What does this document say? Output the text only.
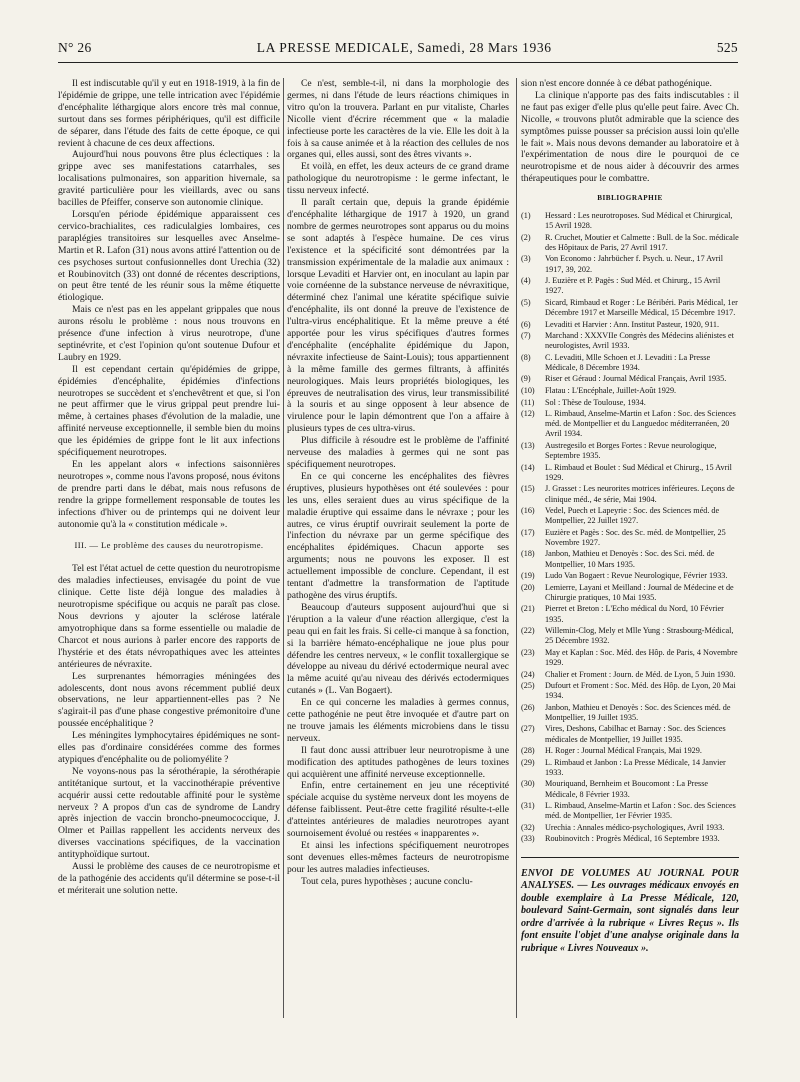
N° 26	LA PRESSE MEDICALE, Samedi, 28 Mars 1936	525

Il est indiscutable qu'il y eut en 1918-1919, à la fin de l'épidémie de grippe, une telle intrication avec l'épidémie d'encéphalite léthargique alors encore très mal connue, surtout dans ses formes périphériques, qu'il est difficile de séparer, dans l'étude des faits de cette époque, ce qui revient à chacune de ces deux affections.

Aujourd'hui nous pouvons être plus éclectiques : la grippe avec ses manifestations catarrhales, ses localisations pulmonaires, son apparition hivernale, sa gravité particulière pour les vieillards, avec ou sans bacilles de Pfeiffer, conserve son autonomie clinique.

Lorsqu'en période épidémique apparaissent ces cervico-brachialites, ces radiculalgies lombaires, ces paraplégies transitoires sur lesquelles avec Anselme-Martin et R. Lafon (31) nous avons attiré l'attention ou de ces psychoses surtout confusionnelles dont Urechia (32) et Roubinovitch (33) ont donné de récentes descriptions, on peut être tenté de les réunir sous la même étiquette étiologique.

Mais ce n'est pas en les appelant grippales que nous aurons résolu le problème : nous nous trouvons en présence d'une infection à virus neurotrope, d'une septinévrite, et c'est l'opinion qu'ont soutenue Dufour et Laubry en 1929.

Il est cependant certain qu'épidémies de grippe, épidémies d'encéphalite, épidémies d'infections neurotropes se succèdent et s'enchevêtrent et que, si l'on ne peut affirmer que le virus grippal peut prendre lui-même, à certaines phases d'évolution de la maladie, une affinité nerveuse exceptionnelle, il semble bien du moins que les épidémies de grippe font le lit aux infections spécifiquement neurotropes.

En les appelant alors « infections saisonnières neurotropes », comme nous l'avons proposé, nous évitons de prendre parti dans le débat, mais nous refusons de rendre la grippe formellement responsable de toutes les infections d'hiver ou de printemps qui ne doivent leur autonomie qu'à la « constitution médicale ».

III. — Le problème des causes du neurotropisme.

Tel est l'état actuel de cette question du neurotropisme des maladies infectieuses, envisagée du point de vue clinique. Cette liste déjà longue des maladies à neurotropisme spécifique ou acquis ne paraît pas close. Nous devrions y ajouter la sclérose latérale amyotrophique dans sa forme essentielle ou maladie de Charcot et nous aurions à parler encore des rapports de l'hystérie et des états névropathiques avec les atteintes antérieures de névraxite.

Les surprenantes hémorragies méningées des adolescents, dont nous avons récemment publié deux observations, ne leur appartiennent-elles pas ? Ne s'agirait-il pas d'une phase congestive prémonitoire d'une poussée encéphalitique ?

Les méningites lymphocytaires épidémiques ne sont-elles pas d'ordinaire considérées comme des formes atypiques d'encéphalite ou de poliomyélite ?

Ne voyons-nous pas la sérothérapie, la sérothérapie antitétanique surtout, et la vaccinothérapie préventive acquérir aussi cette redoutable affinité pour le système nerveux ? A propos d'un cas de syndrome de Landry après injection de vaccin broncho-pneumococcique, J. Olmer et Paillas rappellent les accidents nerveux des diverses vaccinations spécifiques, de la vaccination antityphoïdique surtout.

Aussi le problème des causes de ce neurotropisme et de la pathogénie des accidents qu'il détermine se pose-t-il et mériterait une solution nette.

Ce n'est, semble-t-il, ni dans la morphologie des germes, ni dans l'étude de leurs réactions chimiques in vitro qu'on la trouvera. Parlant en pur vitaliste, Charles Nicolle vient d'écrire récemment que « la maladie infectieuse porte les caractères de la vie. Elle les doit à la fois à sa cause animée et à la réaction des cellules de nos organes qui, elles aussi, sont des êtres vivants ».

Et voilà, en effet, les deux acteurs de ce grand drame pathologique du neurotropisme : le germe infectant, le tissu nerveux infecté.

Il paraît certain que, depuis la grande épidémie d'encéphalite léthargique de 1917 à 1920, un grand nombre de germes neurotropes sont apparus ou du moins se sont adaptés à l'espèce humaine. De ces virus l'existence et la spécificité sont démontrées par la transmission expérimentale de la maladie aux animaux : lorsque Levaditi et Harvier ont, en inoculant au lapin par voie cornéenne de la substance nerveuse de névraxitique, déterminé chez l'animal une kératite spécifique suivie d'encéphalite, ils ont donné la preuve de l'existence de l'ultra-virus encéphalitique. Et la même preuve a été apportée pour les virus spécifiques d'autres formes d'encéphalite (encéphalite épidémique du Japon, névraxite infectieuse de Saint-Louis); tous appartiennent à la même famille des germes filtrants, à affinités neurologiques. Mais leurs propriétés biologiques, les épreuves de neutralisation des virus, leur transmissibilité à la souris et au singe opposent à leur absence de virulence pour le lapin démontrent que l'on a affaire à plusieurs types de ces ultra-virus.

Plus difficile à résoudre est le problème de l'affinité nerveuse des maladies à germes qui ne sont pas spécifiquement neurotropes.

En ce qui concerne les encéphalites des fièvres éruptives, plusieurs hypothèses ont été soulevées : pour les uns, elles seraient dues au virus spécifique de la maladie éruptive qui essaime dans le névraxe ; pour les autres, ce virus éruptif ouvrirait seulement la porte de l'infection du névraxe par un germe spécifique des encéphalites épidémiques. Chacun apporte ses arguments; nous ne pouvons les exposer. Il est actuellement impossible de conclure. Cependant, il est tentant d'admettre la transformation de l'aptitude pathogène des virus éruptifs.

Beaucoup d'auteurs supposent aujourd'hui que si l'éruption a la valeur d'une réaction allergique, c'est la peau qui en fait les frais. Si celle-ci manque à sa fonction, si la barrière hémato-encéphalique ne joue plus pour défendre les centres nerveux, « le conflit toxallergique se développe au niveau du dérivé ectodermique neural avec la même acuité qu'au niveau des dérivés ectodermiques cutanés » (L. Van Bogaert).

En ce qui concerne les maladies à germes connus, cette pathogénie ne peut être invoquée et d'autre part on ne trouve jamais les éléments microbiens dans le tissu nerveux.

Il faut donc aussi attribuer leur neurotropisme à une modification des aptitudes pathogènes de leurs toxines qui acquièrent une affinité nerveuse exceptionnelle.

Enfin, entre certainement en jeu une réceptivité spéciale acquise du système nerveux dont les moyens de défense faiblissent. Peut-être cette fragilité résulte-t-elle d'atteintes antérieures de maladies neurotropes ayant sournoisement évolué ou restées « inapparentes ».

Et ainsi les infections spécifiquement neurotropes sont devenues elles-mêmes facteurs de neurotropisme pour les autres maladies infectieuses.

Tout cela, pures hypothèses ; aucune conclu-

sion n'est encore donnée à ce débat pathogénique.

La clinique n'apporte pas des faits indiscutables : il ne faut pas exiger d'elle plus qu'elle peut faire. Avec Ch. Nicolle, « trouvons plutôt admirable que la science des symptômes puisse pousser sa précision aussi loin qu'elle le fait ». Mais nous devons demander au laboratoire et à l'expérimentation de nous dire le pourquoi de ce neurotropisme et de nous aider à découvrir des armes thérapeutiques pour le combattre.

BIBLIOGRAPHIE
(1)	Hessard : Les neurotroposes. Sud Médical et Chirurgical, 15 Avril 1928.
(2)	R. Cruchet, Moutier et Calmette : Bull. de la Soc. médicale des Hôpitaux de Paris, 27 Avril 1917.
(3)	Von Economo : Jahrbücher f. Psych. u. Neur., 17 Avril 1917, 39, 202.
(4)	J. Euzière et P. Pagès : Sud Méd. et Chirurg., 15 Avril 1927.
(5)	Sicard, Rimbaud et Roger : Le Béribéri. Paris Médical, 1er Décembre 1917 et Marseille Médical, 15 Décembre 1917.
(6)	Levaditi et Harvier : Ann. Institut Pasteur, 1920, 911.
(7)	Marchand : XXXVIIe Congrès des Médecins aliénistes et neurologistes, Avril 1933.
(8)	C. Levaditi, Mlle Schoen et J. Levaditi : La Presse Médicale, 8 Décembre 1934.
(9)	Riser et Géraud : Journal Médical Français, Avril 1935.
(10)	Flatau : L'Encéphale, Juillet-Août 1929.
(11)	Sol : Thèse de Toulouse, 1934.
(12)	L. Rimbaud, Anselme-Martin et Lafon : Soc. des Sciences méd. de Montpellier et du Languedoc méditerranéen, 20 Avril 1934.
(13)	Austregesilo et Borges Fortes : Revue neurologique, Septembre 1935.
(14)	L. Rimbaud et Boulet : Sud Médical et Chirurg., 15 Avril 1929.
(15)	J. Grasset : Les neurorites motrices inférieures. Leçons de clinique méd., 4e série, Mai 1904.
(16)	Vedel, Puech et Lapeyrie : Soc. des Sciences méd. de Montpellier, 22 Juillet 1927.
(17)	Euzière et Pagès : Soc. des Sc. méd. de Montpellier, 25 Novembre 1927.
(18)	Janbon, Mathieu et Denoyès : Soc. des Sci. méd. de Montpellier, 10 Mars 1935.
(19)	Ludo Van Bogaert : Revue Neurologique, Février 1933.
(20)	Lemierre, Layani et Meilland : Journal de Médecine et de Chirurgie pratiques, 10 Mai 1935.
(21)	Pierret et Breton : L'Echo médical du Nord, 10 Février 1935.
(22)	Willemin-Clog, Mely et Mlle Yung : Strasbourg-Médical, 25 Décembre 1932.
(23)	May et Kaplan : Soc. Méd. des Hôp. de Paris, 4 Novembre 1929.
(24)	Chalier et Froment : Journ. de Méd. de Lyon, 5 Juin 1930.
(25)	Dufourt et Froment : Soc. Méd. des Hôp. de Lyon, 20 Mai 1934.
(26)	Janbon, Mathieu et Denoyès : Soc. des Sciences méd. de Montpellier, 19 Juillet 1935.
(27)	Vires, Deshons, Cabilhac et Barnay : Soc. des Sciences médicales de Montpellier, 19 Juillet 1935.
(28)	H. Roger : Journal Médical Français, Mai 1929.
(29)	L. Rimbaud et Janbon : La Presse Médicale, 14 Janvier 1933.
(30)	Mouriquand, Bernheim et Boucomont : La Presse Médicale, 8 Février 1933.
(31)	L. Rimbaud, Anselme-Martin et Lafon : Soc. des Sciences méd. de Montpellier, 1er Février 1935.
(32)	Urechia : Annales médico-psychologiques, Avril 1933.
(33)	Roubinovitch : Progrès Médical, 16 Septembre 1933.
ENVOI DE VOLUMES AU JOURNAL POUR ANALYSES. — Les ouvrages médicaux envoyés en double exemplaire à La Presse Médicale, 120, boulevard Saint-Germain, sont signalés dans leur ordre d'arrivée à la rubrique « Livres Reçus ». Ils font ensuite l'objet d'une analyse originale dans la rubrique « Livres Nouveaux ».
